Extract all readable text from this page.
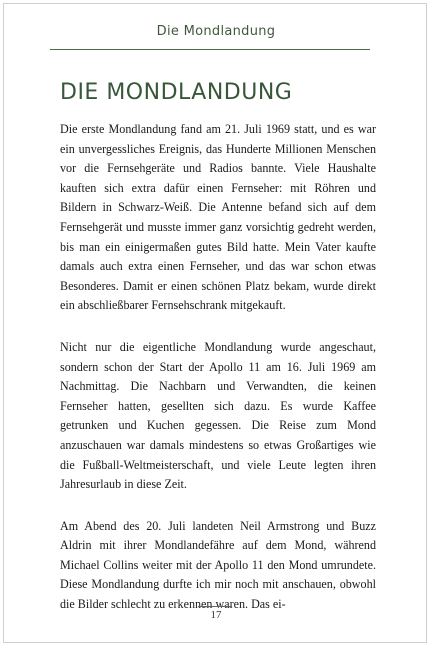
Die Mondlandung
DIE MONDLANDUNG

Die erste Mondlandung fand am 21. Juli 1969 statt, und es war ein unvergessliches Ereignis, das Hunderte Millionen Menschen vor die Fernsehgeräte und Radios bannte. Viele Haushalte kauften sich extra dafür einen Fernseher: mit Röhren und Bildern in Schwarz-Weiß. Die Antenne befand sich auf dem Fernsehgerät und musste immer ganz vorsichtig gedreht werden, bis man ein einigermaßen gutes Bild hatte. Mein Vater kaufte damals auch extra einen Fernseher, und das war schon etwas Besonderes. Damit er einen schönen Platz bekam, wurde direkt ein abschließbarer Fernsehschrank mitgekauft.

Nicht nur die eigentliche Mondlandung wurde angeschaut, sondern schon der Start der Apollo 11 am 16. Juli 1969 am Nachmittag. Die Nachbarn und Verwandten, die keinen Fernseher hatten, gesellten sich dazu. Es wurde Kaffee getrunken und Kuchen gegessen. Die Reise zum Mond anzuschauen war damals mindestens so etwas Großartiges wie die Fußball-Weltmeisterschaft, und viele Leute legten ihren Jahresurlaub in diese Zeit.

Am Abend des 20. Juli landeten Neil Armstrong und Buzz Aldrin mit ihrer Mondlandefähre auf dem Mond, während Michael Collins weiter mit der Apollo 11 den Mond umrundete. Diese Mondlandung durfte ich mir noch mit anschauen, obwohl die Bilder schlecht zu erkennen waren. Das ei-

17
